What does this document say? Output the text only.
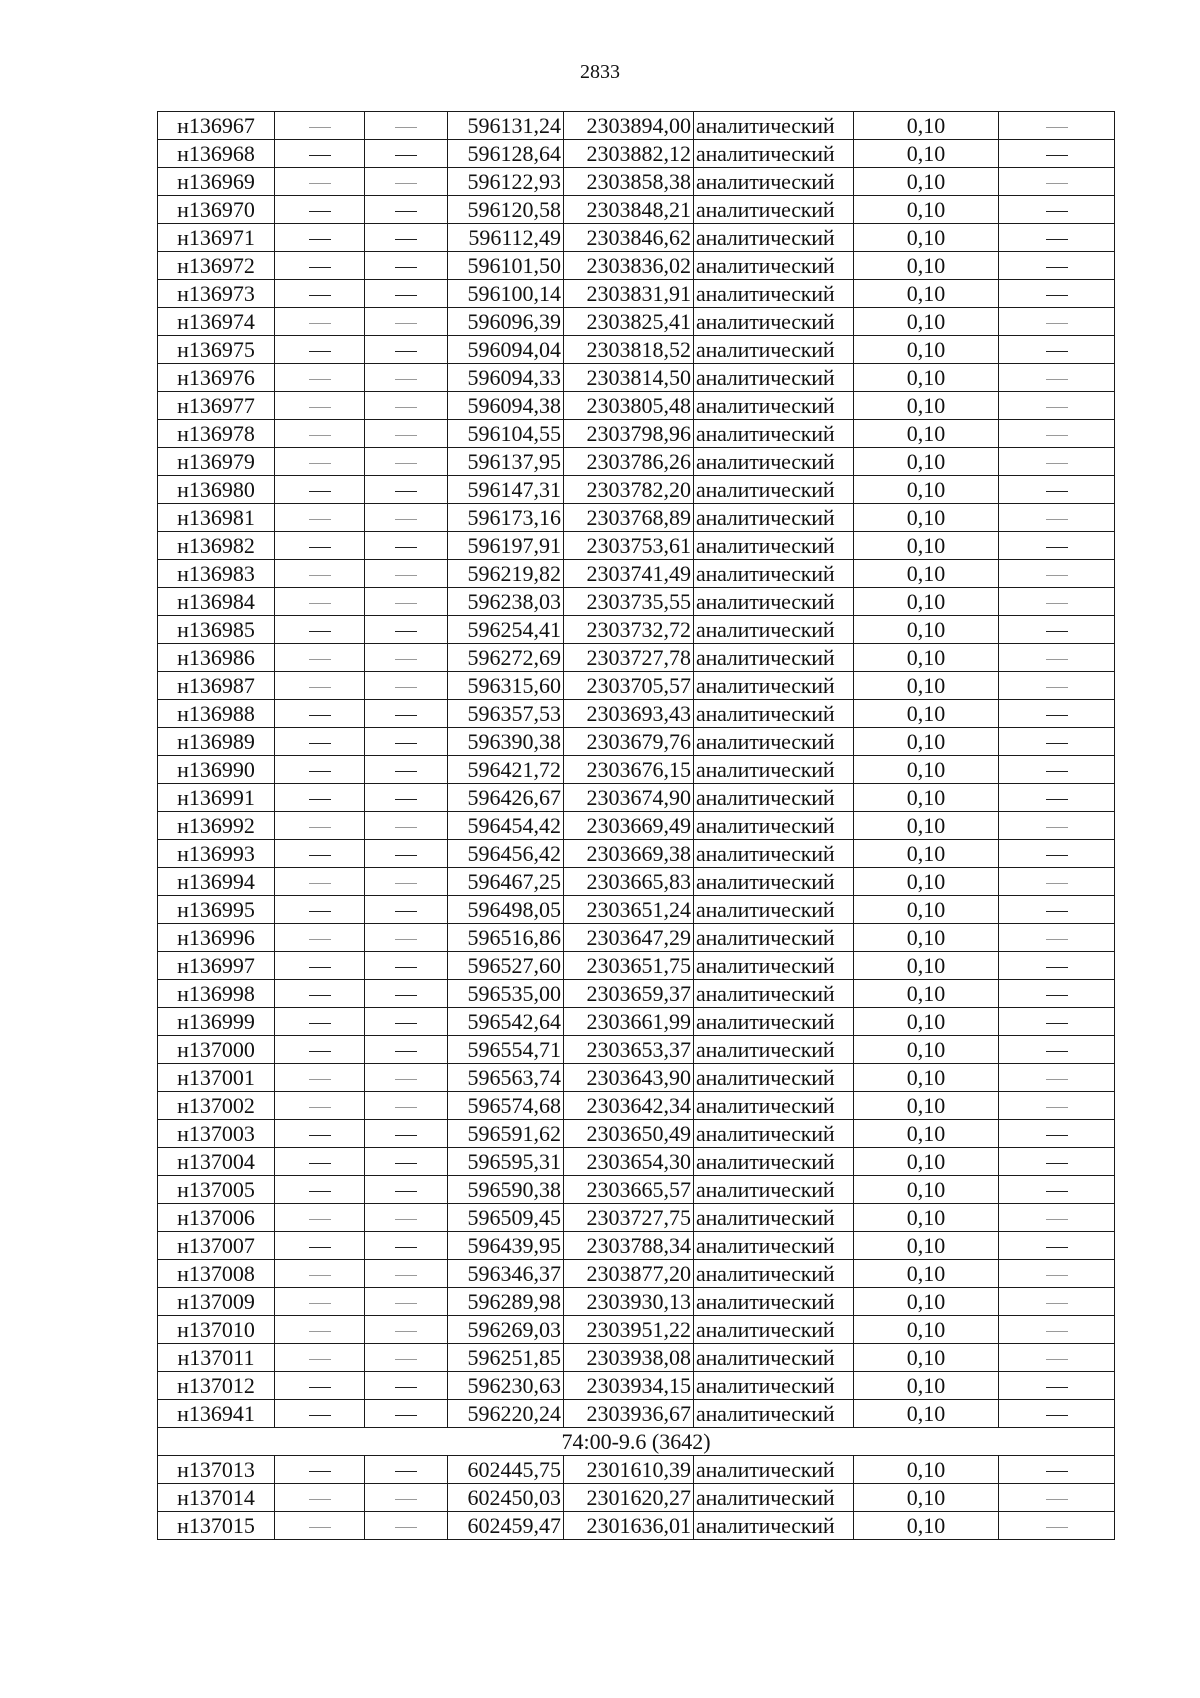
2833
н136967			596131,24	2303894,00	аналитический	0,10	
н136968			596128,64	2303882,12	аналитический	0,10	
н136969			596122,93	2303858,38	аналитический	0,10	
н136970			596120,58	2303848,21	аналитический	0,10	
н136971			596112,49	2303846,62	аналитический	0,10	
н136972			596101,50	2303836,02	аналитический	0,10	
н136973			596100,14	2303831,91	аналитический	0,10	
н136974			596096,39	2303825,41	аналитический	0,10	
н136975			596094,04	2303818,52	аналитический	0,10	
н136976			596094,33	2303814,50	аналитический	0,10	
н136977			596094,38	2303805,48	аналитический	0,10	
н136978			596104,55	2303798,96	аналитический	0,10	
н136979			596137,95	2303786,26	аналитический	0,10	
н136980			596147,31	2303782,20	аналитический	0,10	
н136981			596173,16	2303768,89	аналитический	0,10	
н136982			596197,91	2303753,61	аналитический	0,10	
н136983			596219,82	2303741,49	аналитический	0,10	
н136984			596238,03	2303735,55	аналитический	0,10	
н136985			596254,41	2303732,72	аналитический	0,10	
н136986			596272,69	2303727,78	аналитический	0,10	
н136987			596315,60	2303705,57	аналитический	0,10	
н136988			596357,53	2303693,43	аналитический	0,10	
н136989			596390,38	2303679,76	аналитический	0,10	
н136990			596421,72	2303676,15	аналитический	0,10	
н136991			596426,67	2303674,90	аналитический	0,10	
н136992			596454,42	2303669,49	аналитический	0,10	
н136993			596456,42	2303669,38	аналитический	0,10	
н136994			596467,25	2303665,83	аналитический	0,10	
н136995			596498,05	2303651,24	аналитический	0,10	
н136996			596516,86	2303647,29	аналитический	0,10	
н136997			596527,60	2303651,75	аналитический	0,10	
н136998			596535,00	2303659,37	аналитический	0,10	
н136999			596542,64	2303661,99	аналитический	0,10	
н137000			596554,71	2303653,37	аналитический	0,10	
н137001			596563,74	2303643,90	аналитический	0,10	
н137002			596574,68	2303642,34	аналитический	0,10	
н137003			596591,62	2303650,49	аналитический	0,10	
н137004			596595,31	2303654,30	аналитический	0,10	
н137005			596590,38	2303665,57	аналитический	0,10	
н137006			596509,45	2303727,75	аналитический	0,10	
н137007			596439,95	2303788,34	аналитический	0,10	
н137008			596346,37	2303877,20	аналитический	0,10	
н137009			596289,98	2303930,13	аналитический	0,10	
н137010			596269,03	2303951,22	аналитический	0,10	
н137011			596251,85	2303938,08	аналитический	0,10	
н137012			596230,63	2303934,15	аналитический	0,10	
н136941			596220,24	2303936,67	аналитический	0,10	
74:00-9.6 (3642)							
н137013			602445,75	2301610,39	аналитический	0,10	
н137014			602450,03	2301620,27	аналитический	0,10	
н137015			602459,47	2301636,01	аналитический	0,10	
